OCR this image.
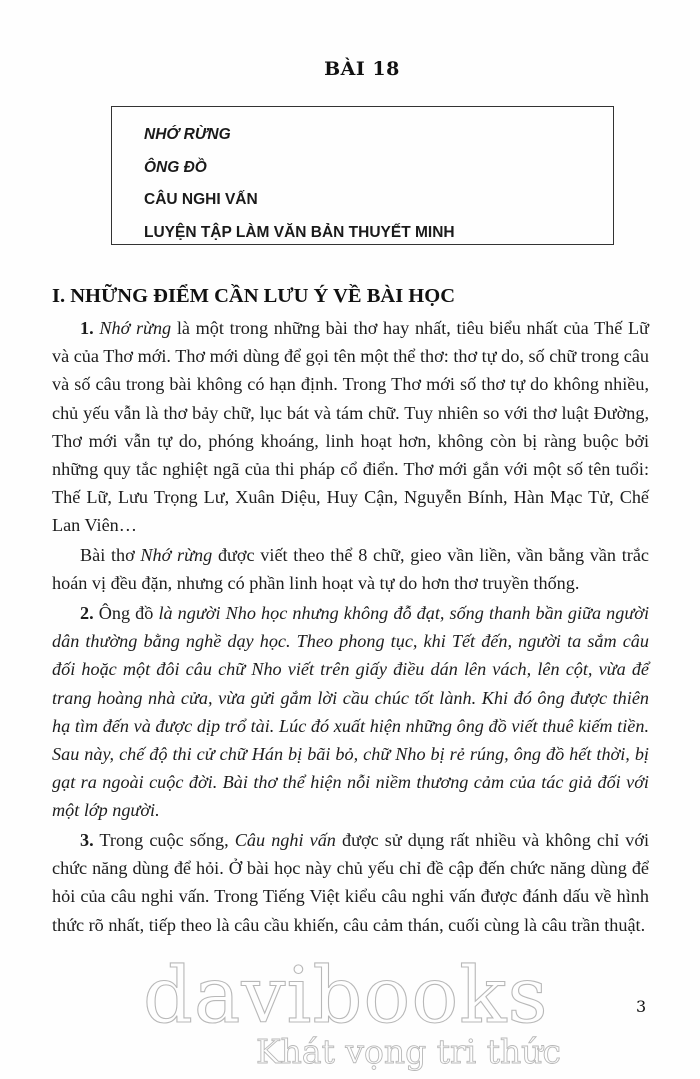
BÀI 18
NHỚ RỪNG
ÔNG ĐỒ
CÂU NGHI VẤN
LUYỆN TẬP LÀM VĂN BẢN THUYẾT MINH
I. NHỮNG ĐIỂM CẦN LƯU Ý VỀ BÀI HỌC
1. Nhớ rừng là một trong những bài thơ hay nhất, tiêu biểu nhất của Thế Lữ và của Thơ mới. Thơ mới dùng để gọi tên một thể thơ: thơ tự do, số chữ trong câu và số câu trong bài không có hạn định. Trong Thơ mới số thơ tự do không nhiều, chủ yếu vẫn là thơ bảy chữ, lục bát và tám chữ. Tuy nhiên so với thơ luật Đường, Thơ mới vẫn tự do, phóng khoáng, linh hoạt hơn, không còn bị ràng buộc bởi những quy tắc nghiệt ngã của thi pháp cổ điển. Thơ mới gắn với một số tên tuổi: Thế Lữ, Lưu Trọng Lư, Xuân Diệu, Huy Cận, Nguyễn Bính, Hàn Mạc Tử, Chế Lan Viên…
Bài thơ Nhớ rừng được viết theo thể 8 chữ, gieo vần liền, vần bằng vần trắc hoán vị đều đặn, nhưng có phần linh hoạt và tự do hơn thơ truyền thống.
2. Ông đồ là người Nho học nhưng không đỗ đạt, sống thanh bần giữa người dân thường bằng nghề dạy học. Theo phong tục, khi Tết đến, người ta sắm câu đối hoặc một đôi câu chữ Nho viết trên giấy điều dán lên vách, lên cột, vừa để trang hoàng nhà cửa, vừa gửi gắm lời cầu chúc tốt lành. Khi đó ông được thiên hạ tìm đến và được dịp trổ tài. Lúc đó xuất hiện những ông đồ viết thuê kiếm tiền. Sau này, chế độ thi cử chữ Hán bị bãi bỏ, chữ Nho bị rẻ rúng, ông đồ hết thời, bị gạt ra ngoài cuộc đời. Bài thơ thể hiện nỗi niềm thương cảm của tác giả đối với một lớp người.
3. Trong cuộc sống, Câu nghi vấn được sử dụng rất nhiều và không chỉ với chức năng dùng để hỏi. Ở bài học này chủ yếu chỉ đề cập đến chức năng dùng để hỏi của câu nghi vấn. Trong Tiếng Việt kiểu câu nghi vấn được đánh dấu về hình thức rõ nhất, tiếp theo là câu cầu khiến, câu cảm thán, cuối cùng là câu trần thuật.
3
davibooks
Khát vọng tri thức
